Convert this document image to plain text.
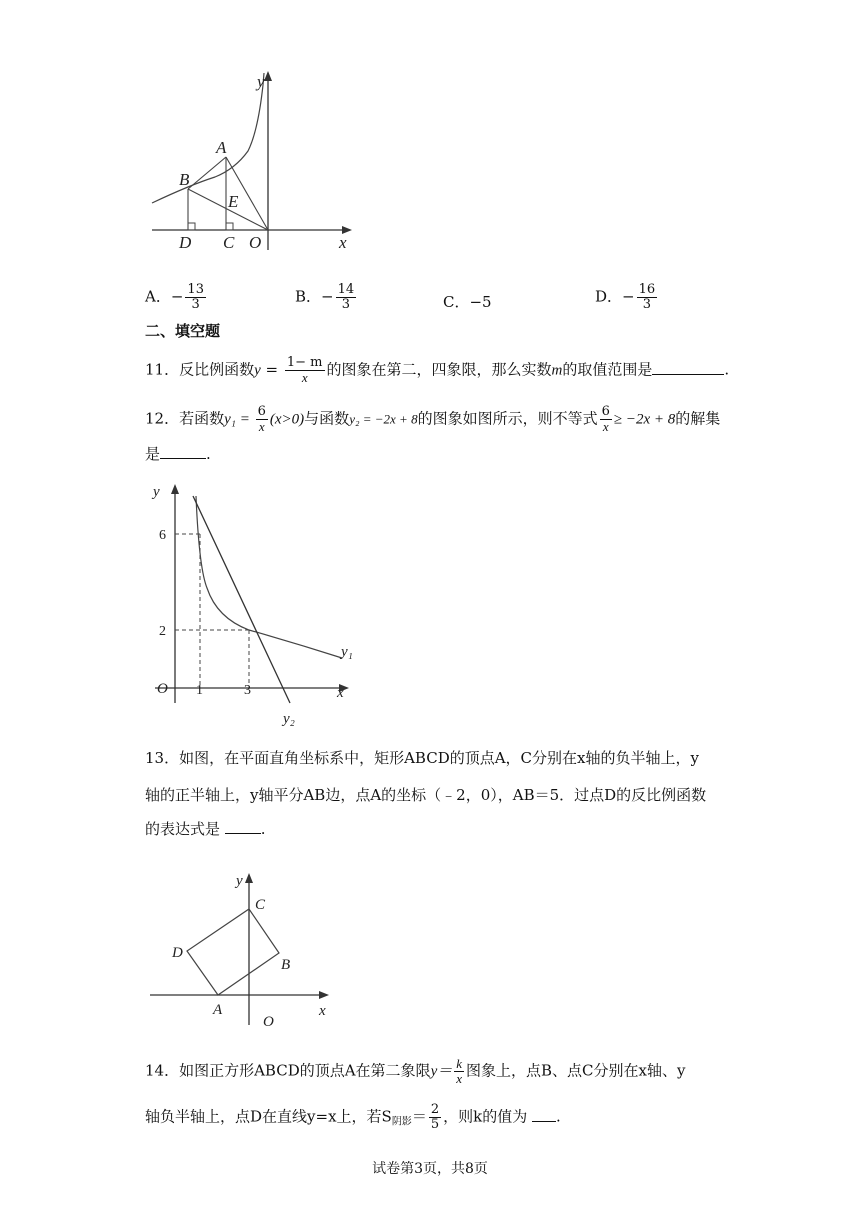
y
x
A
B
E
D C O
A．− $\frac{13}{3}$	B．− $\frac{14}{3}$	C．−5	D．− $\frac{16}{3}$
二、填空题
11．反比例函数$y = \frac{1- m}{x}$ 的图象在第二，四象限，那么实数m的取值范围是	.
12．若函数$y_1 = \frac{6}{x} (x>0)$与函数y₂ = −2x + 8的图象如图所示，则不等式 $\frac{6}{x} \ge -2x + 8$的解集
是	.
y
6
2
O 1	3	x
y₁
y₂
13．如图，在平面直角坐标系中，矩形ABCD的顶点A，C分别在x轴的负半轴上，y
轴的正半轴上，y轴平分AB边，点A的坐标（﹣2，0），AB＝5．过点D的反比例函数
的表达式是	.
y
C
D
B
A
O
x
14．如图正方形ABCD的顶点A在第二象限$y= \frac{k}{x}$ 图象上，点B、点C分别在x轴、y
轴负半轴上，点D在直线y=x上，若$S_{阴影}= \frac{2}{5}$ ，则k的值为 .
试卷第3页，共8页
